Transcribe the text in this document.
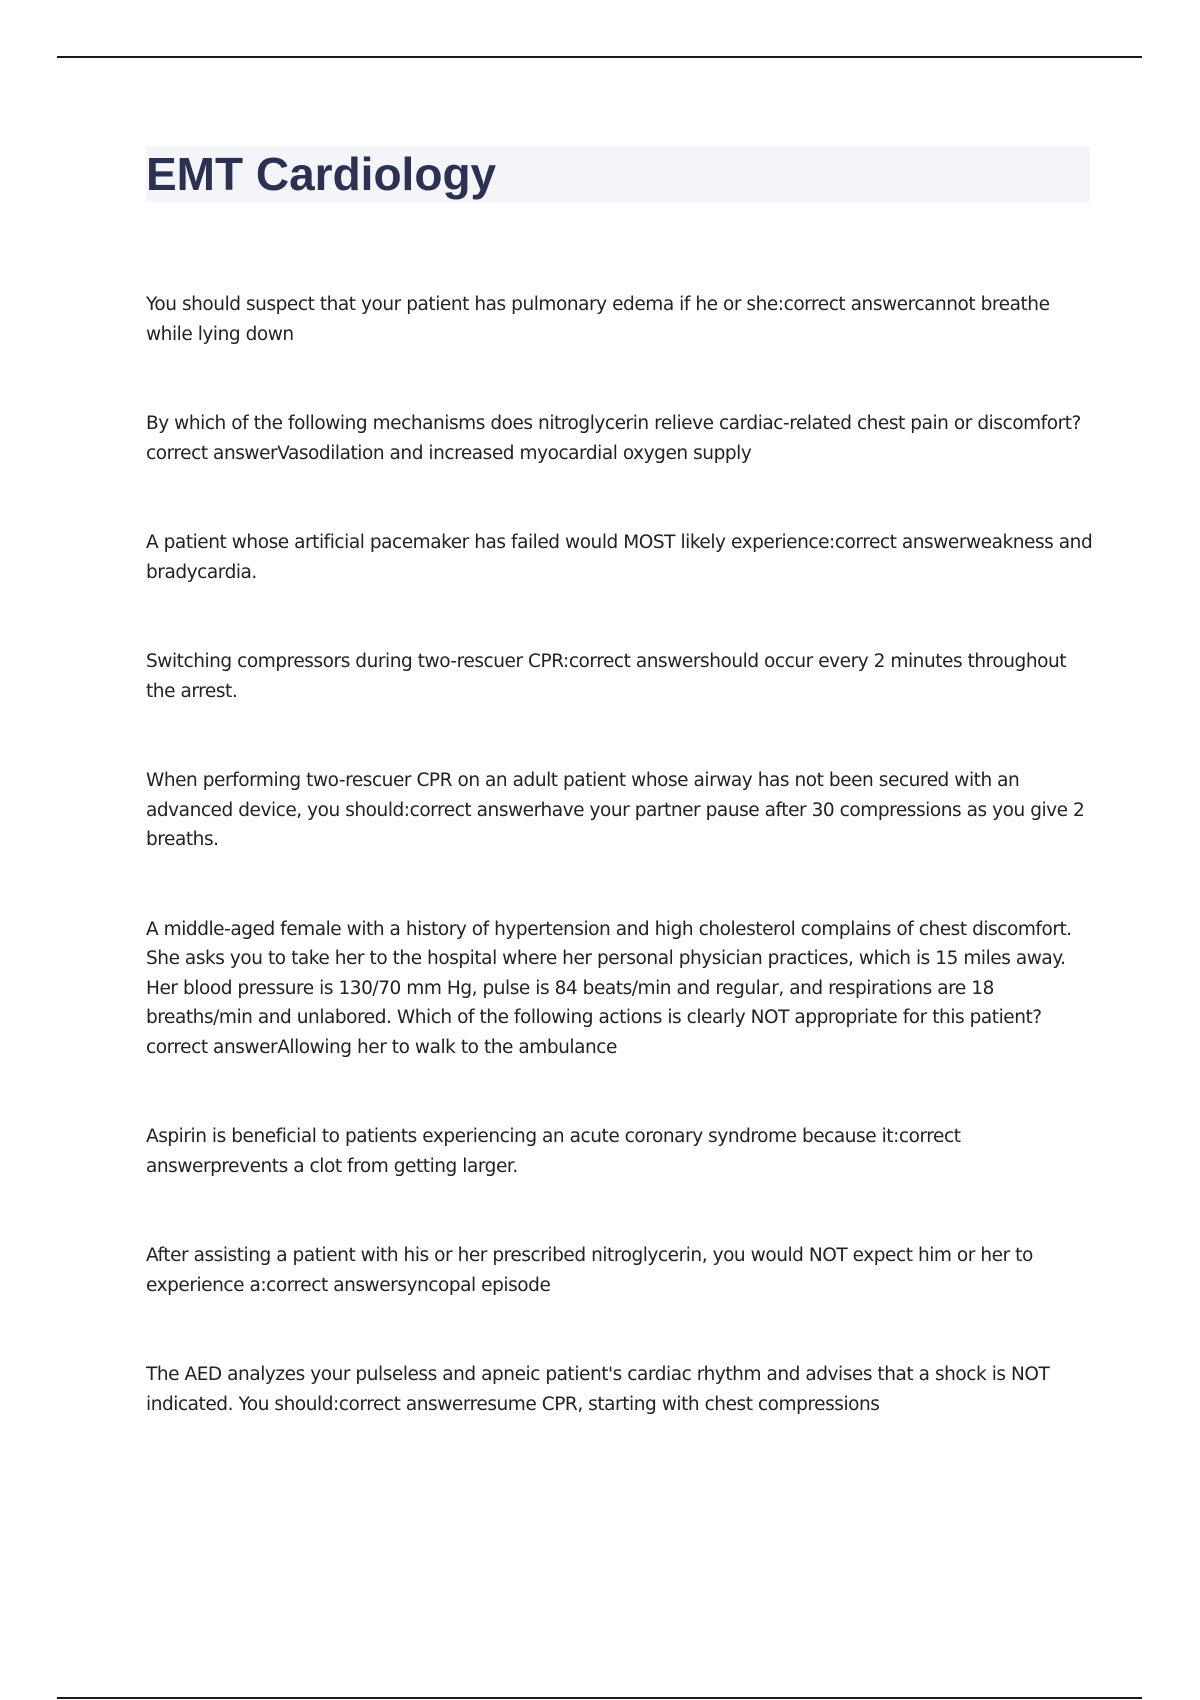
EMT Cardiology
You should suspect that your patient has pulmonary edema if he or she:correct answercannot breathe while lying down
By which of the following mechanisms does nitroglycerin relieve cardiac-related chest pain or discomfort?correct answerVasodilation and increased myocardial oxygen supply
A patient whose artificial pacemaker has failed would MOST likely experience:correct answerweakness and bradycardia.
Switching compressors during two-rescuer CPR:correct answershould occur every 2 minutes throughout the arrest.
When performing two-rescuer CPR on an adult patient whose airway has not been secured with an advanced device, you should:correct answerhave your partner pause after 30 compressions as you give 2 breaths.
A middle-aged female with a history of hypertension and high cholesterol complains of chest discomfort. She asks you to take her to the hospital where her personal physician practices, which is 15 miles away. Her blood pressure is 130/70 mm Hg, pulse is 84 beats/min and regular, and respirations are 18 breaths/min and unlabored. Which of the following actions is clearly NOT appropriate for this patient?correct answerAllowing her to walk to the ambulance
Aspirin is beneficial to patients experiencing an acute coronary syndrome because it:correct answerprevents a clot from getting larger.
After assisting a patient with his or her prescribed nitroglycerin, you would NOT expect him or her to experience a:correct answersyncopal episode
The AED analyzes your pulseless and apneic patient's cardiac rhythm and advises that a shock is NOT indicated. You should:correct answerresume CPR, starting with chest compressions
